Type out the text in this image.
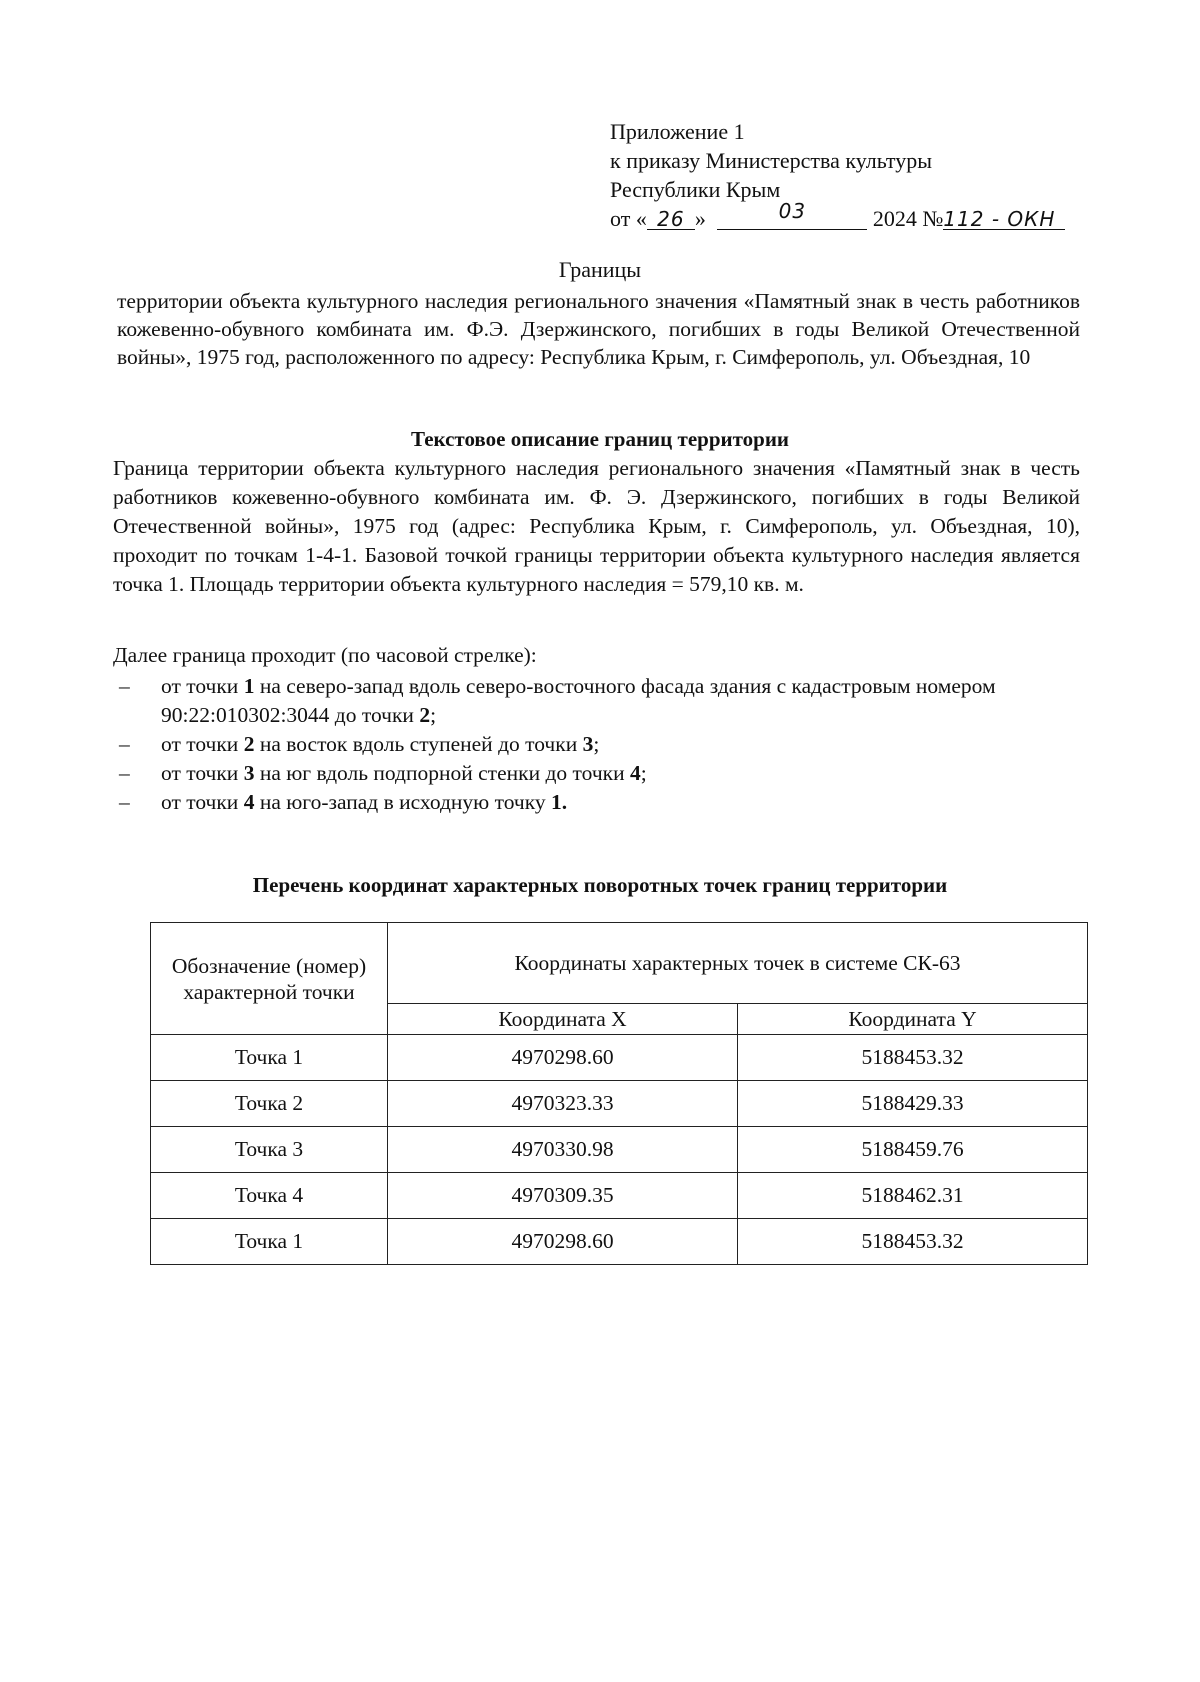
Приложение 1
к приказу Министерства культуры
Республики Крым
от « 26 »	03	2024 №112 - ОКН
Границы
территории объекта культурного наследия регионального значения «Памятный знак в честь работников кожевенно-обувного комбината им. Ф.Э. Дзержинского, погибших в годы Великой Отечественной войны», 1975 год, расположенного по адресу: Республика Крым, г. Симферополь, ул. Объездная, 10
Текстовое описание границ территории
Граница территории объекта культурного наследия регионального значения «Памятный знак в честь работников кожевенно-обувного комбината им. Ф. Э. Дзержинского, погибших в годы Великой Отечественной войны», 1975 год (адрес: Республика Крым, г. Симферополь, ул. Объездная, 10), проходит по точкам 1-4-1. Базовой точкой границы территории объекта культурного наследия является точка 1. Площадь территории объекта культурного наследия = 579,10 кв. м.
Далее граница проходит (по часовой стрелке):
– от точки 1 на северо-запад вдоль северо-восточного фасада здания с кадастровым номером 90:22:010302:3044 до точки 2;
– от точки 2 на восток вдоль ступеней до точки 3;
– от точки 3 на юг вдоль подпорной стенки до точки 4;
– от точки 4 на юго-запад в исходную точку 1.
Перечень координат характерных поворотных точек границ территории
Обозначение (номер) характерной точки	Координаты характерных точек в системе СК-63	
	Координата X	Координата Y
Точка 1	4970298.60	5188453.32
Точка 2	4970323.33	5188429.33
Точка 3	4970330.98	5188459.76
Точка 4	4970309.35	5188462.31
Точка 1	4970298.60	5188453.32
